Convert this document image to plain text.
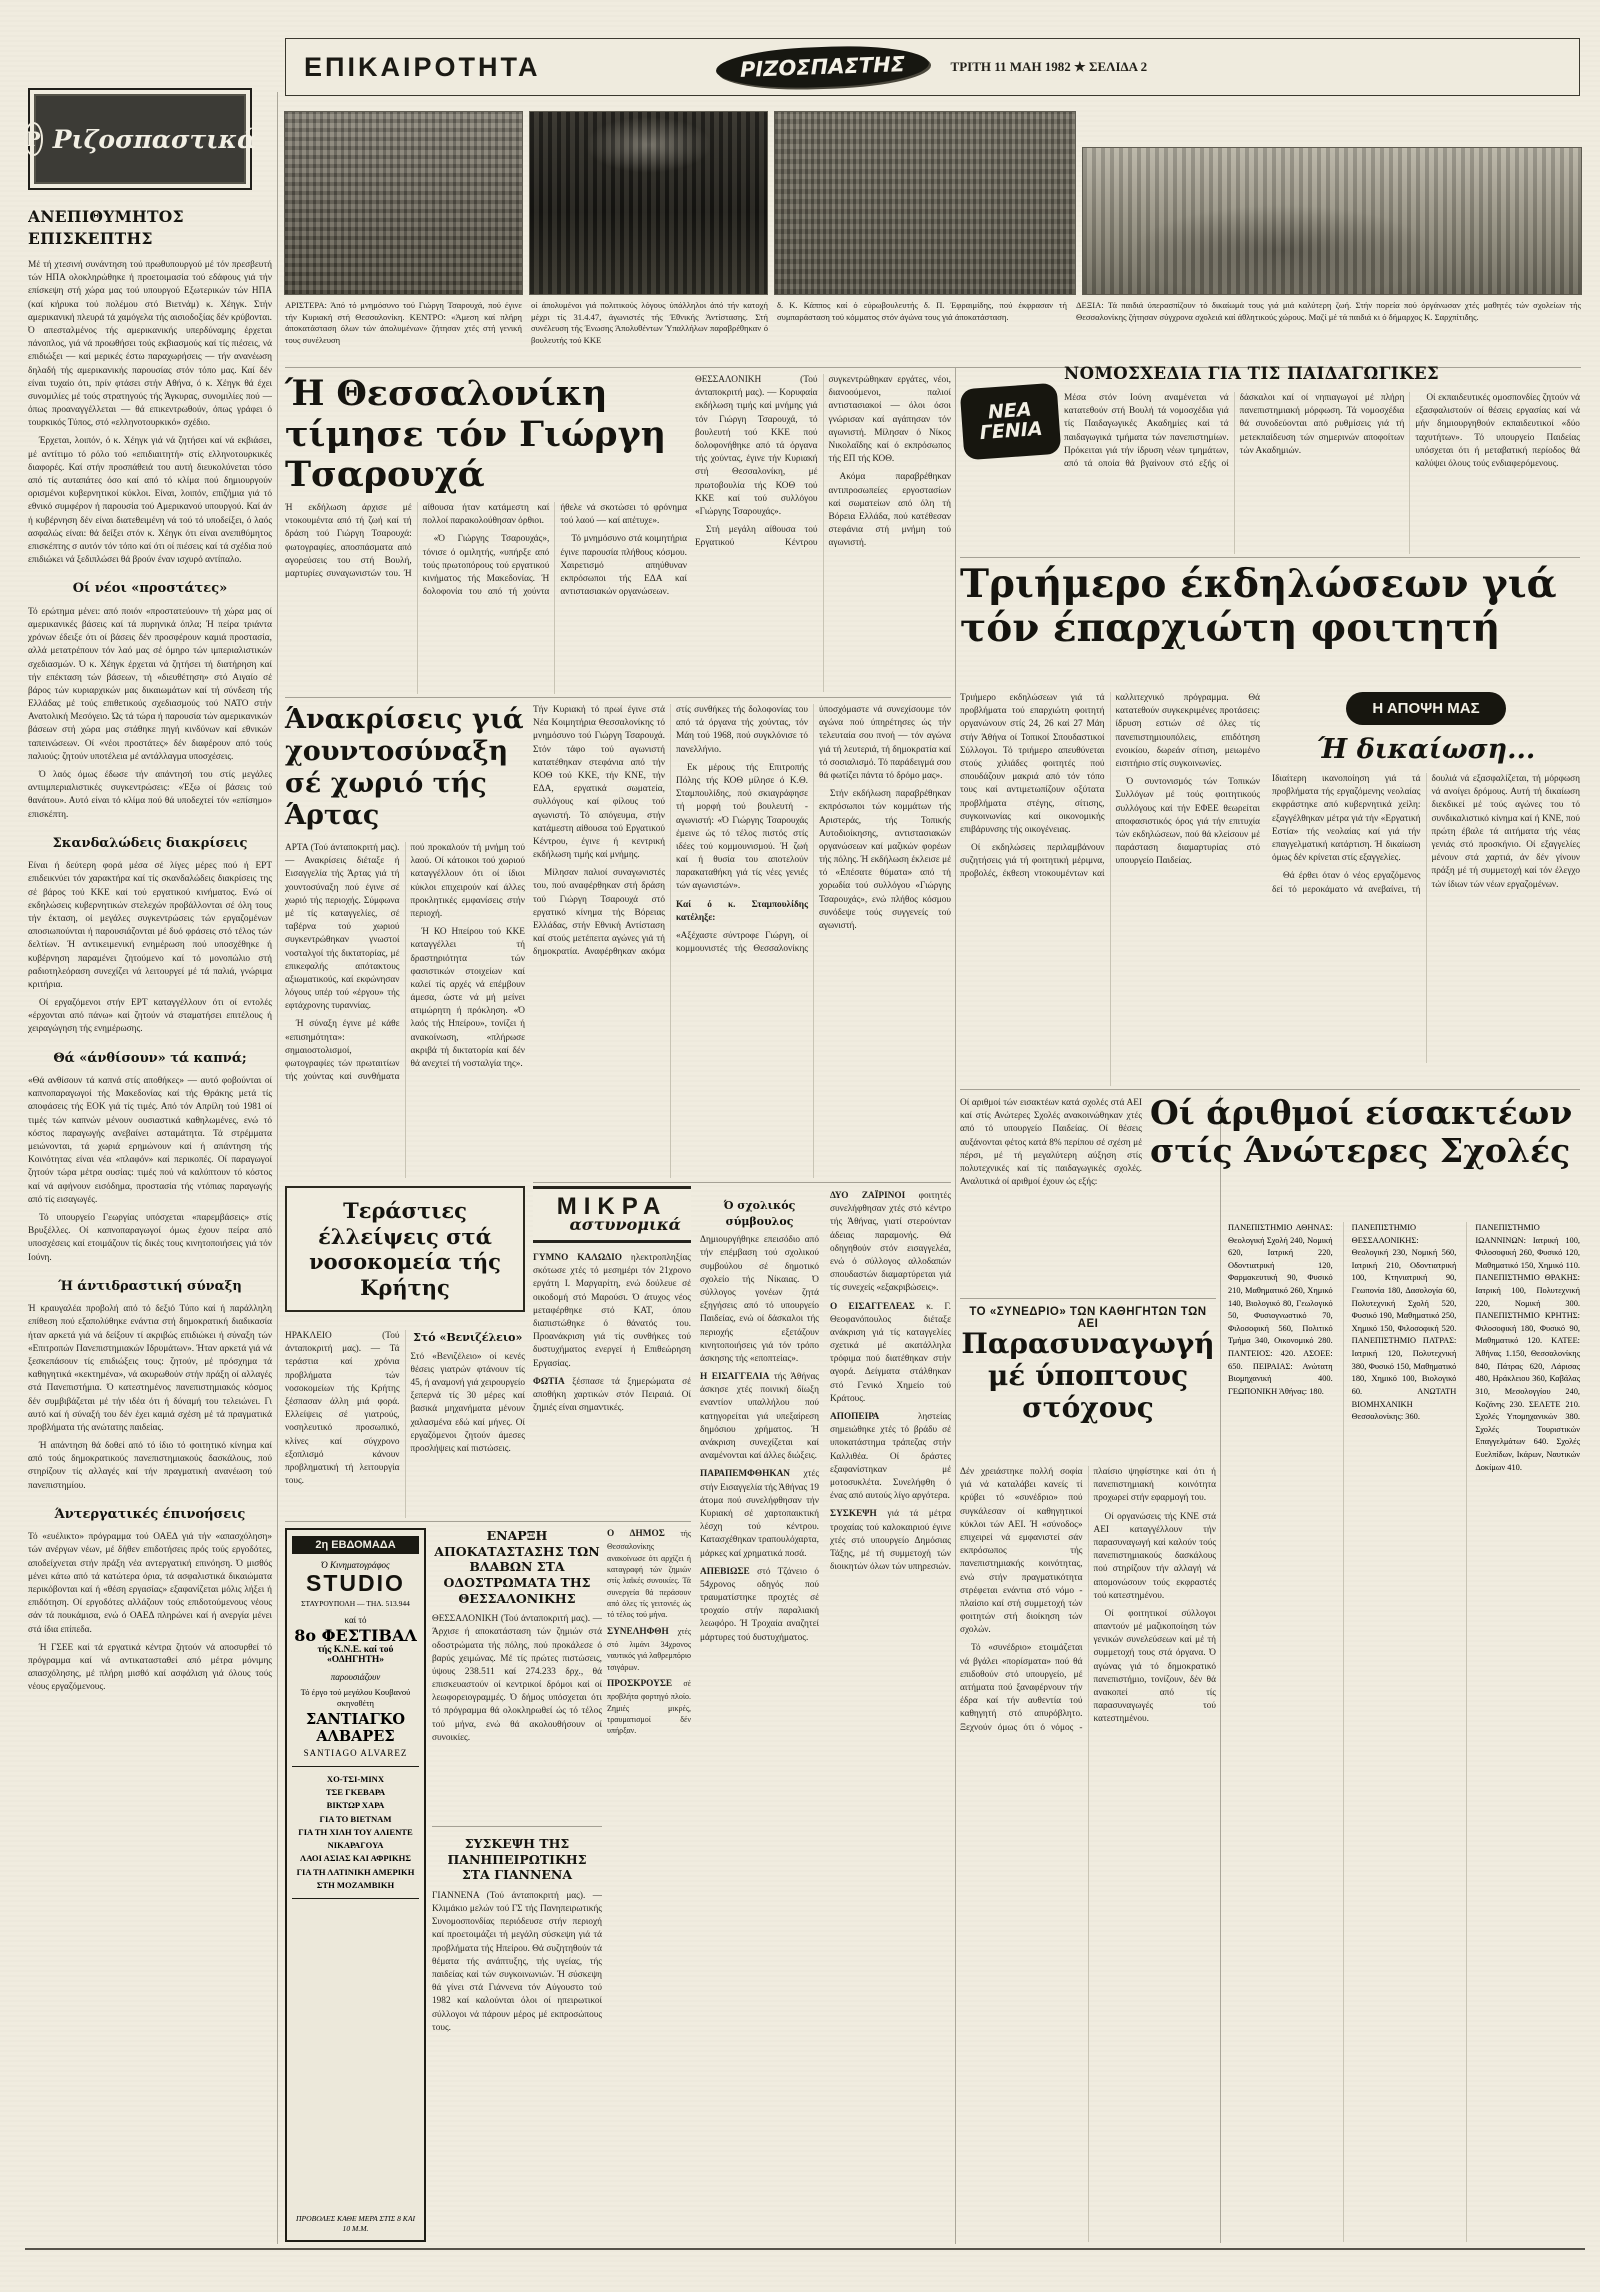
ΕΠΙΚΑΙΡΟΤΗΤΑ	ΡΙΖΟΣΠΑΣΤΗΣ	ΤΡΙΤΗ 11 ΜΑΗ 1982 ★ ΣΕΛΙΔΑ 2
Ρ Ριζοσπαστικά
ΑΝΕΠΙΘΥΜΗΤΟΣ ΕΠΙΣΚΕΠΤΗΣ

Μέ τή χτεσινή συνάντηση τού πρωθυπουργού μέ τόν πρεσβευτή τών ΗΠΑ ολοκληρώθηκε ή προετοιμασία τού εδάφους γιά τήν επίσκεψη στή χώρα μας τού υπουργού Εξωτερικών τών ΗΠΑ (καί κήρυκα τού πολέμου στό Βιετνάμ) κ. Χέηγκ. Στήν αμερικανική πλευρά τά χαμόγελα τής αισιοδοξίας δέν κρύβονται. Ό απεσταλμένος τής αμερικανικής υπερδύναμης έρχεται πάνοπλος, γιά νά προωθήσει τούς εκβιασμούς καί τίς πιέσεις, νά επιδιώξει — καί μερικές έστω παραχωρήσεις — τήν ανανέωση δηλαδή τής αμερικανικής παρουσίας στόν τόπο μας. Καί δέν είναι τυχαίο ότι, πρίν φτάσει στήν Αθήνα, ό κ. Χέηγκ θά έχει συνομιλίες μέ τούς στρατηγούς τής Άγκυρας, συνομιλίες πού — όπως προαναγγέλλεται — θά επικεντρωθούν, όπως γράφει ό τουρκικός Τύπος, στό «ελληνοτουρκικό» σχέδιο.

Έρχεται, λοιπόν, ό κ. Χέηγκ γιά νά ζητήσει καί νά εκβιάσει, μέ αντίτιμο τό ρόλο τού «επιδιαιτητή» στίς ελληνοτουρκικές διαφορές. Καί στήν προσπάθειά του αυτή διευκολύνεται τόσο από τίς αυταπάτες όσο καί από τό κλίμα πού δημιουργούν ορισμένοι κυβερνητικοί κύκλοι. Είναι, λοιπόν, επιζήμια γιά τό εθνικό συμφέρον ή παρουσία τού Αμερικανού υπουργού. Καί άν ή κυβέρνηση δέν είναι διατεθειμένη νά τού τό υποδείξει, ό λαός ασφαλώς είναι: θά δείξει στόν κ. Χέηγκ ότι είναι ανεπιθύμητος επισκέπτης σ αυτόν τόν τόπο καί ότι οί πιέσεις καί τά σχέδια πού επιδιώκει νά ξεδιπλώσει θά βρούν έναν ισχυρό αντίπαλο.

Οί νέοι «προστάτες»

Τό ερώτημα μένει: από ποιόν «προστατεύουν» τή χώρα μας οί αμερικανικές βάσεις καί τά πυρηνικά όπλα; Ή πείρα τριάντα χρόνων έδειξε ότι οί βάσεις δέν προσφέρουν καμιά προστασία, αλλά μετατρέπουν τόν λαό μας σέ όμηρο τών ιμπεριαλιστικών σχεδιασμών. Ό κ. Χέηγκ έρχεται νά ζητήσει τή διατήρηση καί τήν επέκταση τών βάσεων, τή «διευθέτηση» στό Αιγαίο σέ βάρος τών κυριαρχικών μας δικαιωμάτων καί τή σύνδεση τής Ελλάδας μέ τούς επιθετικούς σχεδιασμούς τού ΝΑΤΟ στήν Ανατολική Μεσόγειο. Ώς τά τώρα ή παρουσία τών αμερικανικών βάσεων στή χώρα μας στάθηκε πηγή κινδύνων καί εθνικών ταπεινώσεων. Οί «νέοι προστάτες» δέν διαφέρουν από τούς παλιούς: ζητούν υποτέλεια μέ αντάλλαγμα υποσχέσεις.

Ό λαός όμως έδωσε τήν απάντησή του στίς μεγάλες αντιιμπεριαλιστικές συγκεντρώσεις: «Έξω οί βάσεις τού θανάτου». Αυτό είναι τό κλίμα πού θά υποδεχτεί τόν «επίσημο» επισκέπτη.

Σκανδαλώδεις διακρίσεις

Είναι ή δεύτερη φορά μέσα σέ λίγες μέρες πού ή ΕΡΤ επιδεικνύει τόν χαρακτήρα καί τίς σκανδαλώδεις διακρίσεις της σέ βάρος τού ΚΚΕ καί τού εργατικού κινήματος. Ενώ οί εκδηλώσεις κυβερνητικών στελεχών προβάλλονται σέ όλη τους τήν έκταση, οί μεγάλες συγκεντρώσεις τών εργαζομένων αποσιωπούνται ή παρουσιάζονται μέ δυό φράσεις στό τέλος τών δελτίων. Ή αντικειμενική ενημέρωση πού υποσχέθηκε ή κυβέρνηση παραμένει ζητούμενο καί τό μονοπώλιο στή ραδιοτηλεόραση συνεχίζει νά λειτουργεί μέ τά παλιά, γνώριμα κριτήρια.

Οί εργαζόμενοι στήν ΕΡΤ καταγγέλλουν ότι οί εντολές «έρχονται από πάνω» καί ζητούν νά σταματήσει επιτέλους ή χειραγώγηση τής ενημέρωσης.

Θά «άνθίσουν» τά καπνά;

«Θά ανθίσουν τά καπνά στίς αποθήκες» — αυτό φοβούνται οί καπνοπαραγωγοί τής Μακεδονίας καί τής Θράκης μετά τίς αποφάσεις τής ΕΟΚ γιά τίς τιμές. Από τόν Απρίλη τού 1981 οί τιμές τών καπνών μένουν ουσιαστικά καθηλωμένες, ενώ τό κόστος παραγωγής ανεβαίνει ασταμάτητα. Τά στρέμματα μειώνονται, τά χωριά ερημώνουν καί ή απάντηση τής Κοινότητας είναι νέα «πλαφόν» καί περικοπές. Οί παραγωγοί ζητούν τώρα μέτρα ουσίας: τιμές πού νά καλύπτουν τό κόστος καί νά αφήνουν εισόδημα, προστασία τής ντόπιας παραγωγής από τίς εισαγωγές.

Τό υπουργείο Γεωργίας υπόσχεται «παρεμβάσεις» στίς Βρυξέλλες. Οί καπνοπαραγωγοί όμως έχουν πείρα από υποσχέσεις καί ετοιμάζουν τίς δικές τους κινητοποιήσεις γιά τόν Ιούνη.

Ή άντιδραστική σύναξη

Ή κραυγαλέα προβολή από τό δεξιό Τύπο καί ή παράλληλη επίθεση πού εξαπολύθηκε ενάντια στή δημοκρατική διαδικασία ήταν αρκετά γιά νά δείξουν τί ακριβώς επιδιώκει ή σύναξη τών «Επιτροπών Πανεπιστημιακών Ιδρυμάτων». Ήταν αρκετά γιά νά ξεσκεπάσουν τίς επιδιώξεις τους: ζητούν, μέ πρόσχημα τά καθηγητικά «κεκτημένα», νά ακυρωθούν στήν πράξη οί αλλαγές στά Πανεπιστήμια. Ό κατεστημένος πανεπιστημιακός κόσμος δέν συμβιβάζεται μέ τήν ιδέα ότι ή δύναμή του τελειώνει. Γι αυτό καί ή σύναξή του δέν έχει καμιά σχέση μέ τά πραγματικά προβλήματα τής ανώτατης παιδείας.

Ή απάντηση θά δοθεί από τό ίδιο τό φοιτητικό κίνημα καί από τούς δημοκρατικούς πανεπιστημιακούς δασκάλους, πού στηρίζουν τίς αλλαγές καί τήν πραγματική ανανέωση τού πανεπιστημίου.

Άντεργατικές έπινοήσεις

Τό «ευέλικτο» πρόγραμμα τού ΟΑΕΔ γιά τήν «απασχόληση» τών ανέργων νέων, μέ δήθεν επιδοτήσεις πρός τούς εργοδότες, αποδείχνεται στήν πράξη νέα αντεργατική επινόηση. Ό μισθός μένει κάτω από τά κατώτερα όρια, τά ασφαλιστικά δικαιώματα περικόβονται καί ή «θέση εργασίας» εξαφανίζεται μόλις λήξει ή επιδότηση. Οί εργοδότες αλλάζουν τούς επιδοτούμενους νέους σάν τά πουκάμισα, ενώ ό ΟΑΕΔ πληρώνει καί ή ανεργία μένει στά ίδια επίπεδα.

Ή ΓΣΕΕ καί τά εργατικά κέντρα ζητούν νά αποσυρθεί τό πρόγραμμα καί νά αντικατασταθεί από μέτρα μόνιμης απασχόλησης, μέ πλήρη μισθό καί ασφάλιση γιά όλους τούς νέους εργαζόμενους.

ΑΡΙΣΤΕΡΑ: Άπό τό μνημόσυνο τού Γιώργη Τσαρουχά, πού έγινε τήν Κυριακή στή Θεσσαλονίκη. ΚΕΝΤΡΟ: «Άμεση καί πλήρη άποκατάσταση όλων τών άπολυμένων» ζήτησαν χτές στή γενική τους συνέλευση
οί άπολυμένοι γιά πολιτικούς λόγους ύπάλληλοι άπό τήν κατοχή μέχρι τίς 31.4.47, άγωνιστές τής Έθνικής Άντίστασης. Στή συνέλευση τής Ένωσης Άπολυθέντων Ύπαλλήλων παραβρέθηκαν ό βουλευτής τού ΚΚΕ
δ. Κ. Κάππος καί ό εύρωβουλευτής δ. Π. Έφραιμίδης, πού έκφρασαν τή συμπαράσταση τού κόμματος στόν άγώνα τους γιά άποκατάσταση.
ΔΕΞΙΑ: Τά παιδιά ύπερασπίζουν τό δικαίωμά τους γιά μιά καλύτερη ζωή. Στήν πορεία πού όργάνωσαν χτές μαθητές τών σχολείων τής Θεσσαλονίκης ζήτησαν σύγχρονα σχολειά καί άθλητικούς χώρους. Μαζί μέ τά παιδιά κι ό δήμαρχος Κ. Σαρχπίτιδης.
Ή Θεσσαλονίκη τίμησε τόν Γιώργη Τσαρουχά

ΘΕΣΣΑΛΟΝΙΚΗ (Τού άνταποκριτή μας). — Κορυφαία εκδήλωση τιμής καί μνήμης γιά τόν Γιώργη Τσαρουχά, τό βουλευτή τού ΚΚΕ πού δολοφονήθηκε από τά όργανα τής χούντας, έγινε τήν Κυριακή στή Θεσσαλονίκη, μέ πρωτοβουλία τής ΚΟΘ τού ΚΚΕ καί τού συλλόγου «Γιώργης Τσαρουχάς».

Στή μεγάλη αίθουσα τού Εργατικού Κέντρου συγκεντρώθηκαν εργάτες, νέοι, διανοούμενοι, παλιοί αντιστασιακοί — όλοι όσοι γνώρισαν καί αγάπησαν τόν αγωνιστή. Μίλησαν ό Νίκος Νικολαΐδης καί ό εκπρόσωπος τής ΕΠ τής ΚΟΘ.

Ακόμα παραβρέθηκαν αντιπροσωπείες εργοστασίων καί σωματείων από όλη τή Βόρεια Ελλάδα, πού κατέθεσαν στεφάνια στή μνήμη τού αγωνιστή.

Ή εκδήλωση άρχισε μέ ντοκουμέντα από τή ζωή καί τή δράση τού Γιώργη Τσαρουχά: φωτογραφίες, αποσπάσματα από αγορεύσεις του στή Βουλή, μαρτυρίες συναγωνιστών του. Ή αίθουσα ήταν κατάμεστη καί πολλοί παρακολούθησαν όρθιοι.

«Ό Γιώργης Τσαρουχάς», τόνισε ό ομιλητής, «υπήρξε από τούς πρωτοπόρους τού εργατικού κινήματος τής Μακεδονίας. Ή δολοφονία του από τή χούντα ήθελε νά σκοτώσει τό φρόνημα τού λαού — καί απέτυχε».

Τό μνημόσυνο στά κοιμητήρια έγινε παρουσία πλήθους κόσμου. Χαιρετισμό απηύθυναν εκπρόσωποι τής ΕΔΑ καί αντιστασιακών οργανώσεων.

Άνακρίσεις γιά χουντοσύναξη σέ χωριό τής Άρτας

ΑΡΤΑ (Τού άνταποκριτή μας). — Ανακρίσεις διέταξε ή Εισαγγελία τής Άρτας γιά τή χουντοσύναξη πού έγινε σέ χωριό τής περιοχής. Σύμφωνα μέ τίς καταγγελίες, σέ ταβέρνα τού χωριού συγκεντρώθηκαν γνωστοί νοσταλγοί τής δικτατορίας, μέ επικεφαλής απότακτους αξιωματικούς, καί εκφώνησαν λόγους υπέρ τού «έργου» τής εφτάχρονης τυραννίας.

Ή σύναξη έγινε μέ κάθε «επισημότητα»: σημαιοστολισμοί, φωτογραφίες τών πρωταιτίων τής χούντας καί συνθήματα πού προκαλούν τή μνήμη τού λαού. Οί κάτοικοι τού χωριού καταγγέλλουν ότι οί ίδιοι κύκλοι επιχειρούν καί άλλες προκλητικές εμφανίσεις στήν περιοχή.

Ή ΚΟ Ηπείρου τού ΚΚΕ καταγγέλλει τή δραστηριότητα τών φασιστικών στοιχείων καί καλεί τίς αρχές νά επέμβουν άμεσα, ώστε νά μή μείνει ατιμώρητη ή πρόκληση. «Ό λαός τής Ηπείρου», τονίζει ή ανακοίνωση, «πλήρωσε ακριβά τή δικτατορία καί δέν θά ανεχτεί τή νοσταλγία της».

Τήν Κυριακή τό πρωί έγινε στά Νέα Κοιμητήρια Θεσσαλονίκης τό μνημόσυνο τού Γιώργη Τσαρουχά. Στόν τάφο τού αγωνιστή κατατέθηκαν στεφάνια από τήν ΚΟΘ τού ΚΚΕ, τήν ΚΝΕ, τήν ΕΔΑ, εργατικά σωματεία, συλλόγους καί φίλους τού αγωνιστή. Τό απόγευμα, στήν κατάμεστη αίθουσα τού Εργατικού Κέντρου, έγινε ή κεντρική εκδήλωση τιμής καί μνήμης.

Μίλησαν παλιοί συναγωνιστές του, πού αναφέρθηκαν στή δράση τού Γιώργη Τσαρουχά στό εργατικό κίνημα τής Βόρειας Ελλάδας, στήν Εθνική Αντίσταση καί στούς μετέπειτα αγώνες γιά τή δημοκρατία. Αναφέρθηκαν ακόμα στίς συνθήκες τής δολοφονίας του από τά όργανα τής χούντας, τόν Μάη τού 1968, πού συγκλόνισε τό πανελλήνιο.

Εκ μέρους τής Επιτροπής Πόλης τής ΚΟΘ μίλησε ό Κ.Θ. Σταμπουλίδης, πού σκιαγράφησε τή μορφή τού βουλευτή - αγωνιστή: «Ό Γιώργης Τσαρουχάς έμεινε ώς τό τέλος πιστός στίς ιδέες τού κομμουνισμού. Ή ζωή καί ή θυσία του αποτελούν παρακαταθήκη γιά τίς νέες γενιές τών αγωνιστών».

Καί ό κ. Σταμπουλίδης κατέληξε:

«Αξέχαστε σύντροφε Γιώργη, οί κομμουνιστές τής Θεσσαλονίκης ύποσχόμαστε νά συνεχίσουμε τόν αγώνα πού ύπηρέτησες ώς τήν τελευταία σου πνοή — τόν αγώνα γιά τή λευτεριά, τή δημοκρατία καί τό σοσιαλισμό. Τό παράδειγμά σου θά φωτίζει πάντα τό δρόμο μας».

Στήν εκδήλωση παραβρέθηκαν εκπρόσωποι τών κομμάτων τής Αριστεράς, τής Τοπικής Αυτοδιοίκησης, αντιστασιακών οργανώσεων καί μαζικών φορέων τής πόλης. Ή εκδήλωση έκλεισε μέ τό «Επέσατε θύματα» από τή χορωδία τού συλλόγου «Γιώργης Τσαρουχάς», ενώ πλήθος κόσμου συνόδεψε τούς συγγενείς τού αγωνιστή.

Τεράστιες έλλείψεις στά νοσοκομεία τής Κρήτης

ΗΡΑΚΛΕΙΟ (Τού άνταποκριτή μας). — Τά τεράστια καί χρόνια προβλήματα τών νοσοκομείων τής Κρήτης ξέσπασαν άλλη μιά φορά. Ελλείψεις σέ γιατρούς, νοσηλευτικό προσωπικό, κλίνες καί σύγχρονο εξοπλισμό κάνουν προβληματική τή λειτουργία τους.

Στό «Βενιζέλειο»

Στό «Βενιζέλειο» οί κενές θέσεις γιατρών φτάνουν τίς 45, ή αναμονή γιά χειρουργείο ξεπερνά τίς 30 μέρες καί βασικά μηχανήματα μένουν χαλασμένα εδώ καί μήνες. Οί εργαζόμενοι ζητούν άμεσες προσλήψεις καί πιστώσεις.

ΜΙΚΡΑ
αστυνομικά

ΓΥΜΝΟ ΚΑΛΩΔΙΟ ηλεκτροπληξίας σκότωσε χτές τό μεσημέρι τόν 21χρονο εργάτη Ι. Μαργαρίτη, ενώ δούλευε σέ οικοδομή στό Μαρούσι. Ό άτυχος νέος μεταφέρθηκε στό ΚΑΤ, όπου διαπιστώθηκε ό θάνατός του. Προανάκριση γιά τίς συνθήκες τού δυστυχήματος ενεργεί ή Επιθεώρηση Εργασίας.

ΦΩΤΙΑ ξέσπασε τά ξημερώματα σέ αποθήκη χαρτικών στόν Πειραιά. Οί ζημιές είναι σημαντικές.

Ο ΔΗΜΟΣ τής Θεσσαλονίκης ανακοίνωσε ότι αρχίζει ή καταγραφή τών ζημιών στίς λαϊκές συνοικίες. Τά συνεργεία θά περάσουν από όλες τίς γειτονιές ώς τό τέλος τού μήνα.

ΣΥΝΕΛΗΦΘΗ χτές στό λιμάνι 34χρονος ναυτικός γιά λαθρεμπόριο τσιγάρων.

ΠΡΟΣΚΡΟΥΣΕ σέ προβλήτα φορτηγό πλοίο. Ζημιές μικρές, τραυματισμοί δέν υπήρξαν.

Ό σχολικός σύμβουλος

Δημιουργήθηκε επεισόδιο από τήν επέμβαση τού σχολικού συμβούλου σέ δημοτικό σχολείο τής Νίκαιας. Ό σύλλογος γονέων ζητά εξηγήσεις από τό υπουργείο Παιδείας, ενώ οί δάσκαλοι τής περιοχής εξετάζουν κινητοποιήσεις γιά τόν τρόπο άσκησης τής «εποπτείας».

Η ΕΙΣΑΓΓΕΛΙΑ τής Άθήνας άσκησε χτές ποινική δίωξη εναντίον υπαλλήλου πού κατηγορείται γιά υπεξαίρεση δημόσιου χρήματος. Ή ανάκριση συνεχίζεται καί αναμένονται καί άλλες διώξεις.

ΠΑΡΑΠΕΜΦΘΗΚΑΝ χτές στήν Εισαγγελία τής Άθήνας 19 άτομα πού συνελήφθησαν τήν Κυριακή σέ χαρτοπαικτική λέσχη τού κέντρου. Κατασχέθηκαν τραπουλόχαρτα, μάρκες καί χρηματικά ποσά.

ΑΠΕΒΙΩΣΕ στό Τζάνειο ό 54χρονος οδηγός πού τραυματίστηκε προχτές σέ τροχαίο στήν παραλιακή λεωφόρο. Ή Τροχαία αναζητεί μάρτυρες τού δυστυχήματος.

ΔΥΟ ΖΑΪΡΙΝΟΙ φοιτητές συνελήφθησαν χτές στό κέντρο τής Άθήνας, γιατί στερούνταν άδειας παραμονής. Θά οδηγηθούν στόν εισαγγελέα, ενώ ό σύλλογος αλλοδαπών σπουδαστών διαμαρτύρεται γιά τίς συνεχείς «εξακριβώσεις».

Ο ΕΙΣΑΓΓΕΛΕΑΣ κ. Γ. Θεοφανόπουλος διέταξε ανάκριση γιά τίς καταγγελίες σχετικά μέ ακατάλληλα τρόφιμα πού διατέθηκαν στήν αγορά. Δείγματα στάλθηκαν στό Γενικό Χημείο τού Κράτους.

ΑΠΟΠΕΙΡΑ	ληστείας σημειώθηκε χτές τό βράδυ σέ υποκατάστημα τράπεζας στήν Καλλιθέα. Οί δράστες εξαφανίστηκαν μέ μοτοσυκλέτα. Συνελήφθη ό ένας από αυτούς λίγο αργότερα.

ΣΥΣΚΕΨΗ γιά τά μέτρα τροχαίας τού καλοκαιριού έγινε χτές στό υπουργείο Δημόσιας Τάξης, μέ τή συμμετοχή τών διοικητών όλων τών υπηρεσιών.

2η ΕΒΔΟΜΑΔΑ
Ό Κινηματογράφος
STUDIO
ΣΤΑΥΡΟΥΠΟΛΗ — ΤΗΛ. 513.944
καί τό
8ο ΦΕΣΤΙΒΑΛ
τής Κ.Ν.Ε. καί τού «ΟΔΗΓΗΤΗ»
παρουσιάζουν
Τό έργο τού μεγάλου Κουβανού σκηνοθέτη
ΣΑΝΤΙΑΓΚΟ ΑΛΒΑΡΕΣ
SANTIAGO ALVAREZ
ΧΟ-ΤΣΙ-ΜΙΝΧ
ΤΣΕ ΓΚΕΒΑΡΑ
ΒΙΚΤΩΡ ΧΑΡΑ
ΓΙΑ ΤΟ ΒΙΕΤΝΑΜ
ΓΙΑ ΤΗ ΧΙΛΗ ΤΟΥ ΑΛΙΕΝΤΕ
ΝΙΚΑΡΑΓΟΥΑ
ΛΑΟΙ ΑΣΙΑΣ ΚΑΙ ΑΦΡΙΚΗΣ
ΓΙΑ ΤΗ ΛΑΤΙΝΙΚΗ ΑΜΕΡΙΚΗ
ΣΤΗ ΜΟΖΑΜΒΙΚΗ
ΠΡΟΒΟΛΕΣ ΚΑΘΕ ΜΕΡΑ ΣΤΙΣ 8 ΚΑΙ 10 Μ.Μ.
ΕΝΑΡΞΗ ΑΠΟΚΑΤΑΣΤΑΣΗΣ ΤΩΝ ΒΛΑΒΩΝ ΣΤΑ ΟΔΟΣΤΡΩΜΑΤΑ ΤΗΣ ΘΕΣΣΑΛΟΝΙΚΗΣ

ΘΕΣΣΑΛΟΝΙΚΗ (Τού άνταποκριτή μας). — Άρχισε ή αποκατάσταση τών ζημιών στά οδοστρώματα τής πόλης, πού προκάλεσε ό βαρύς χειμώνας. Μέ τίς πρώτες πιστώσεις, ύψους 238.511 καί 274.233 δρχ., θά επισκευαστούν οί κεντρικοί δρόμοι καί οί λεωφορειογραμμές. Ό δήμος υπόσχεται ότι τό πρόγραμμα θά ολοκληρωθεί ώς τό τέλος τού μήνα, ενώ θά ακολουθήσουν οί συνοικίες.

ΣΥΣΚΕΨΗ ΤΗΣ ΠΑΝΗΠΕΙΡΩΤΙΚΗΣ ΣΤΑ ΓΙΑΝΝΕΝΑ

ΓΙΑΝΝΕΝΑ (Τού άνταποκριτή μας). — Κλιμάκιο μελών τού ΓΣ τής Πανηπειρωτικής Συνομοσπονδίας περιόδευσε στήν περιοχή καί προετοιμάζει τή μεγάλη σύσκεψη γιά τά προβλήματα τής Ηπείρου. Θά συζητηθούν τά θέματα τής ανάπτυξης, τής υγείας, τής παιδείας καί τών συγκοινωνιών. Ή σύσκεψη θά γίνει στά Γιάννενα τόν Αύγουστο τού 1982 καί καλούνται όλοι οί ηπειρωτικοί σύλλογοι νά πάρουν μέρος μέ εκπροσώπους τους.

ΝΟΜΟΣΧΕΔΙΑ ΓΙΑ ΤΙΣ ΠΑΙΔΑΓΩΓΙΚΕΣ
ΝΕΑ
ΓΕΝΙΑ

Μέσα στόν Ιούνη αναμένεται νά κατατεθούν στή Βουλή τά νομοσχέδια γιά τίς Παιδαγωγικές Ακαδημίες καί τά παιδαγωγικά τμήματα τών πανεπιστημίων. Πρόκειται γιά τήν ίδρυση νέων τμημάτων, από τά οποία θά βγαίνουν στό εξής οί δάσκαλοι καί οί νηπιαγωγοί μέ πλήρη πανεπιστημιακή μόρφωση. Τά νομοσχέδια θά συνοδεύονται από ρυθμίσεις γιά τή μετεκπαίδευση τών σημερινών αποφοίτων τών Ακαδημιών.

Οί εκπαιδευτικές ομοσπονδίες ζητούν νά εξασφαλιστούν οί θέσεις εργασίας καί νά μήν δημιουργηθούν εκπαιδευτικοί «δύο ταχυτήτων». Τό υπουργείο Παιδείας υπόσχεται ότι ή μεταβατική περίοδος θά καλύψει όλους τούς ενδιαφερόμενους.

Τριήμερο έκδηλώσεων γιά τόν έπαρχιώτη φοιτητή

Τριήμερο εκδηλώσεων γιά τά προβλήματα τού επαρχιώτη φοιτητή οργανώνουν στίς 24, 26 καί 27 Μάη στήν Άθήνα οί Τοπικοί Σπουδαστικοί Σύλλογοι. Τό τριήμερο απευθύνεται στούς χιλιάδες φοιτητές πού σπουδάζουν μακριά από τόν τόπο τους καί αντιμετωπίζουν οξύτατα προβλήματα στέγης, σίτισης, συγκοινωνίας καί οικονομικής επιβάρυνσης τής οικογένειας.

Οί εκδηλώσεις περιλαμβάνουν συζητήσεις γιά τή φοιτητική μέριμνα, προβολές, έκθεση ντοκουμέντων καί καλλιτεχνικό πρόγραμμα. Θά κατατεθούν συγκεκριμένες προτάσεις: ίδρυση εστιών σέ όλες τίς πανεπιστημιουπόλεις, επιδότηση ενοικίου, δωρεάν σίτιση, μειωμένο εισιτήριο στίς συγκοινωνίες.

Ό συντονισμός τών Τοπικών Συλλόγων μέ τούς φοιτητικούς συλλόγους καί τήν ΕΦΕΕ θεωρείται αποφασιστικός όρος γιά τήν επιτυχία τών εκδηλώσεων, πού θά κλείσουν μέ παράσταση διαμαρτυρίας στό υπουργείο Παιδείας.

Η ΑΠΟΨΗ ΜΑΣ
Ή δικαίωση...

Ιδιαίτερη ικανοποίηση γιά τά προβλήματα τής εργαζόμενης νεολαίας εκφράστηκε από κυβερνητικά χείλη: εξαγγέλθηκαν μέτρα γιά τήν «Εργατική Εστία» τής νεολαίας καί γιά τήν επαγγελματική κατάρτιση. Ή δικαίωση όμως δέν κρίνεται στίς εξαγγελίες.

Θά έρθει όταν ό νέος εργαζόμενος δεί τό μεροκάματο νά ανεβαίνει, τή δουλιά νά εξασφαλίζεται, τή μόρφωση νά ανοίγει δρόμους. Αυτή τή δικαίωση διεκδικεί μέ τούς αγώνες του τό συνδικαλιστικό κίνημα καί ή ΚΝΕ, πού πρώτη έβαλε τά αιτήματα τής νέας γενιάς στό προσκήνιο. Οί εξαγγελίες μένουν στά χαρτιά, άν δέν γίνουν πράξη μέ τή συμμετοχή καί τόν έλεγχο τών ίδιων τών νέων εργαζομένων.

Οί αριθμοί τών εισακτέων κατά σχολές στά ΑΕΙ καί στίς Ανώτερες Σχολές ανακοινώθηκαν χτές από τό υπουργείο Παιδείας. Οί θέσεις αυξάνονται φέτος κατά 8% περίπου σέ σχέση μέ πέρσι, μέ τή μεγαλύτερη αύξηση στίς πολυτεχνικές καί τίς παιδαγωγικές σχολές. Αναλυτικά οί αριθμοί έχουν ώς εξής:

Οί άριθμοί είσακτέων στίς Άνώτερες Σχολές
ΠΑΝΕΠΙΣΤΗΜΙΟ ΑΘΗΝΑΣ: Θεολογική Σχολή 240, Νομική 620, Ιατρική 220, Οδοντιατρική 120, Φαρμακευτική 90, Φυσικό 210, Μαθηματικό 260, Χημικό 140, Βιολογικό 80, Γεωλογικό 50, Φυσιογνωστικό 70, Φιλοσοφική 560, Πολιτικό Τμήμα 340, Οικονομικό 280. ΠΑΝΤΕΙΟΣ: 420. ΑΣΟΕΕ: 650. ΠΕΙΡΑΙΑΣ: Ανώτατη Βιομηχανική 400. ΓΕΩΠΟΝΙΚΗ Άθήνας: 180.
ΠΑΝΕΠΙΣΤΗΜΙΟ ΘΕΣΣΑΛΟΝΙΚΗΣ: Θεολογική 230, Νομική 560, Ιατρική 210, Οδοντιατρική 100, Κτηνιατρική 90, Γεωπονία 180, Δασολογία 60, Πολυτεχνική Σχολή 520, Φυσικό 190, Μαθηματικό 250, Χημικό 150, Φιλοσοφική 520. ΠΑΝΕΠΙΣΤΗΜΙΟ ΠΑΤΡΑΣ: Ιατρική 120, Πολυτεχνική 380, Φυσικό 150, Μαθηματικό 180, Χημικό 100, Βιολογικό 60. ΑΝΩΤΑΤΗ ΒΙΟΜΗΧΑΝΙΚΗ Θεσσαλονίκης: 360.
ΠΑΝΕΠΙΣΤΗΜΙΟ ΙΩΑΝΝΙΝΩΝ: Ιατρική 100, Φιλοσοφική 260, Φυσικό 120, Μαθηματικό 150, Χημικό 110. ΠΑΝΕΠΙΣΤΗΜΙΟ ΘΡΑΚΗΣ: Ιατρική 100, Πολυτεχνική 220, Νομική 300. ΠΑΝΕΠΙΣΤΗΜΙΟ ΚΡΗΤΗΣ: Φιλοσοφική 180, Φυσικό 90, Μαθηματικό 120. ΚΑΤΕΕ: Άθήνας 1.150, Θεσσαλονίκης 840, Πάτρας 620, Λάρισας 480, Ηράκλειου 360, Καβάλας 310, Μεσολογγίου 240, Κοζάνης 230. ΣΕΛΕΤΕ 210. Σχολές Υπομηχανικών 380. Σχολές Τουριστικών Επαγγελμάτων 640. Σχολές Ευελπίδων, Ικάρων, Ναυτικών Δοκίμων 410.
ΤΟ «ΣΥΝΕΔΡΙΟ» ΤΩΝ ΚΑΘΗΓΗΤΩΝ ΤΩΝ ΑΕΙ
Παρασυναγωγή μέ ύποπτους στόχους

Δέν χρειάστηκε πολλή σοφία γιά νά καταλάβει κανείς τί κρύβει τό «συνέδριο» πού συγκάλεσαν οί καθηγητικοί κύκλοι τών ΑΕΙ. Ή «σύνοδος» επιχειρεί νά εμφανιστεί σάν εκπρόσωπος τής πανεπιστημιακής κοινότητας, ενώ στήν πραγματικότητα στρέφεται ενάντια στό νόμο - πλαίσιο καί στή συμμετοχή τών φοιτητών στή διοίκηση τών σχολών.

Τό «συνέδριο» ετοιμάζεται νά βγάλει «πορίσματα» πού θά επιδοθούν στό υπουργείο, μέ αιτήματα πού ξαναφέρνουν τήν έδρα καί τήν αυθεντία τού καθηγητή στό απυρόβλητο. Ξεχνούν όμως ότι ό νόμος - πλαίσιο ψηφίστηκε καί ότι ή πανεπιστημιακή κοινότητα προχωρεί στήν εφαρμογή του.

Οί οργανώσεις τής ΚΝΕ στά ΑΕΙ καταγγέλλουν τήν παρασυναγωγή καί καλούν τούς πανεπιστημιακούς δασκάλους πού στηρίζουν τήν αλλαγή νά απομονώσουν τούς εκφραστές τού κατεστημένου.

Οί φοιτητικοί σύλλογοι απαντούν μέ μαζικοποίηση τών γενικών συνελεύσεων καί μέ τή συμμετοχή τους στά όργανα. Ό αγώνας γιά τό δημοκρατικό πανεπιστήμιο, τονίζουν, δέν θά ανακοπεί από τίς παρασυναγωγές τού κατεστημένου.
